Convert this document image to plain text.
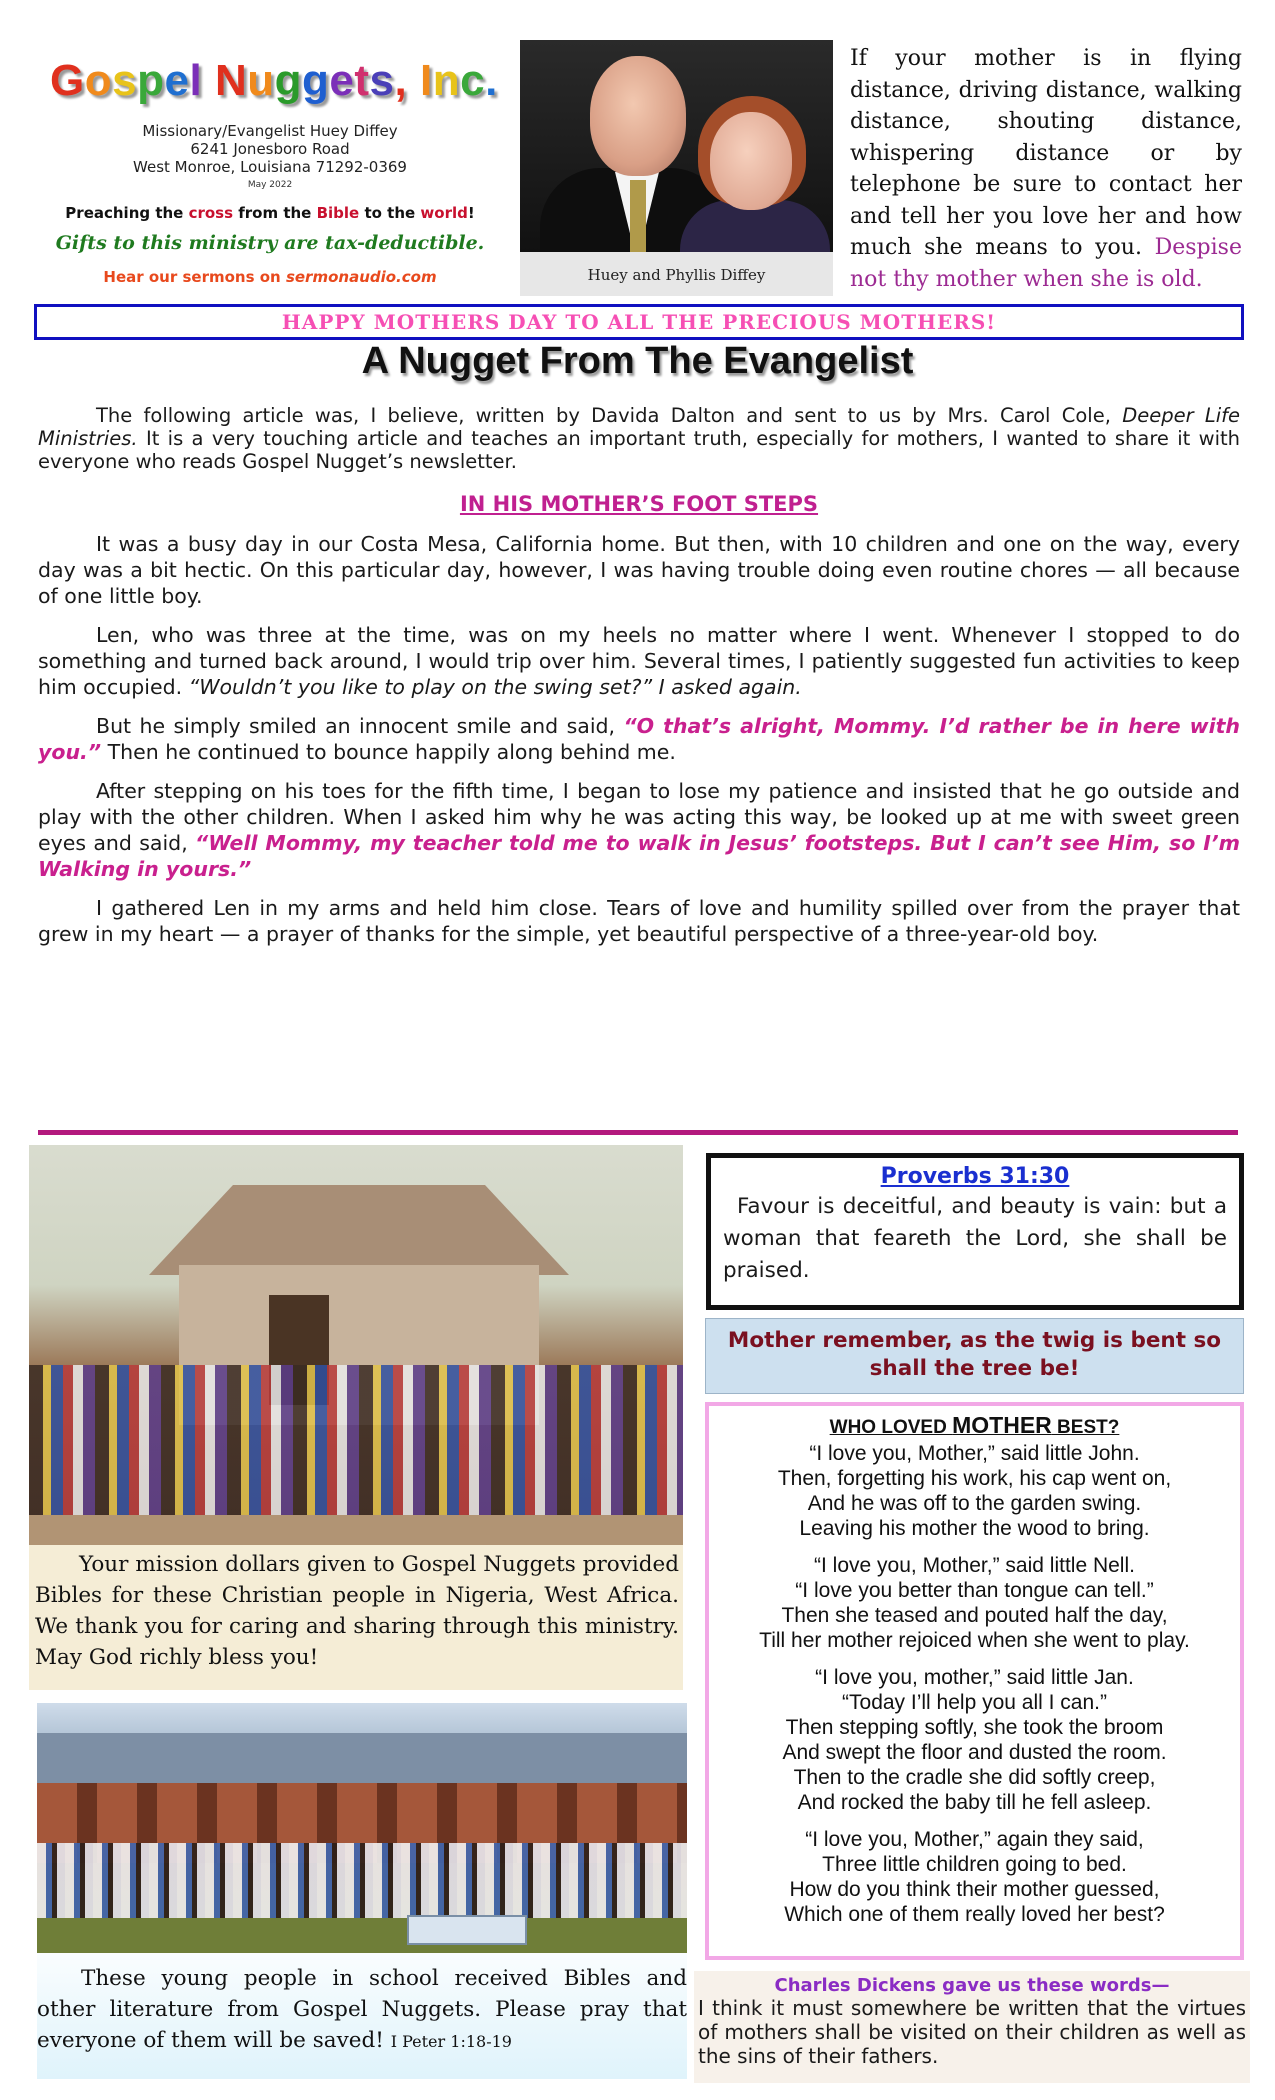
Gospel Nuggets, Inc.
Missionary/Evangelist Huey Diffey
6241 Jonesboro Road
West Monroe, Louisiana 71292-0369
May 2022
Preaching the cross from the Bible to the world!
Gifts to this ministry are tax-deductible.
Hear our sermons on sermonaudio.com	Huey and Phyllis Diffey
If your mother is in flying distance, driving distance, walking distance, shouting distance, whispering distance or by telephone be sure to contact her and tell her you love her and how much she means to you. Despise not thy mother when she is old.
HAPPY MOTHERS DAY TO ALL THE PRECIOUS MOTHERS!
A Nugget From The Evangelist

The following article was, I believe, written by Davida Dalton and sent to us by Mrs. Carol Cole, Deeper Life Ministries. It is a very touching article and teaches an important truth, especially for mothers, I wanted to share it with everyone who reads Gospel Nugget’s newsletter.

IN HIS MOTHER’S FOOT STEPS

It was a busy day in our Costa Mesa, California home. But then, with 10 children and one on the way, every day was a bit hectic. On this particular day, however, I was having trouble doing even routine chores — all because of one little boy.

Len, who was three at the time, was on my heels no matter where I went. Whenever I stopped to do something and turned back around, I would trip over him. Several times, I patiently suggested fun activities to keep him occupied. “Wouldn’t you like to play on the swing set?” I asked again.

But he simply smiled an innocent smile and said, “O that’s alright, Mommy. I’d rather be in here with you.” Then he continued to bounce happily along behind me.

After stepping on his toes for the fifth time, I began to lose my patience and insisted that he go outside and play with the other children. When I asked him why he was acting this way, be looked up at me with sweet green eyes and said, “Well Mommy, my teacher told me to walk in Jesus’ footsteps. But I can’t see Him, so I’m Walking in yours.”

I gathered Len in my arms and held him close. Tears of love and humility spilled over from the prayer that grew in my heart — a prayer of thanks for the simple, yet beautiful perspective of a three-year-old boy.

Your mission dollars given to Gospel Nuggets provided Bibles for these Christian people in Nigeria, West Africa. We thank you for caring and sharing through this ministry. May God richly bless you!
These young people in school received Bibles and other literature from Gospel Nuggets. Please pray that everyone of them will be saved! I Peter 1:18-19
Proverbs 31:30
Favour is deceitful, and beauty is vain: but a woman that feareth the Lord, she shall be praised.
Mother remember, as the twig is bent so shall the tree be!
WHO LOVED MOTHER BEST?
“I love you, Mother,” said little John.
Then, forgetting his work, his cap went on,
And he was off to the garden swing.
Leaving his mother the wood to bring.
“I love you, Mother,” said little Nell.
“I love you better than tongue can tell.”
Then she teased and pouted half the day,
Till her mother rejoiced when she went to play.
“I love you, mother,” said little Jan.
“Today I’ll help you all I can.”
Then stepping softly, she took the broom
And swept the floor and dusted the room.
Then to the cradle she did softly creep,
And rocked the baby till he fell asleep.
“I love you, Mother,” again they said,
Three little children going to bed.
How do you think their mother guessed,
Which one of them really loved her best?
Charles Dickens gave us these words—
I think it must somewhere be written that the virtues of mothers shall be visited on their children as well as the sins of their fathers.
